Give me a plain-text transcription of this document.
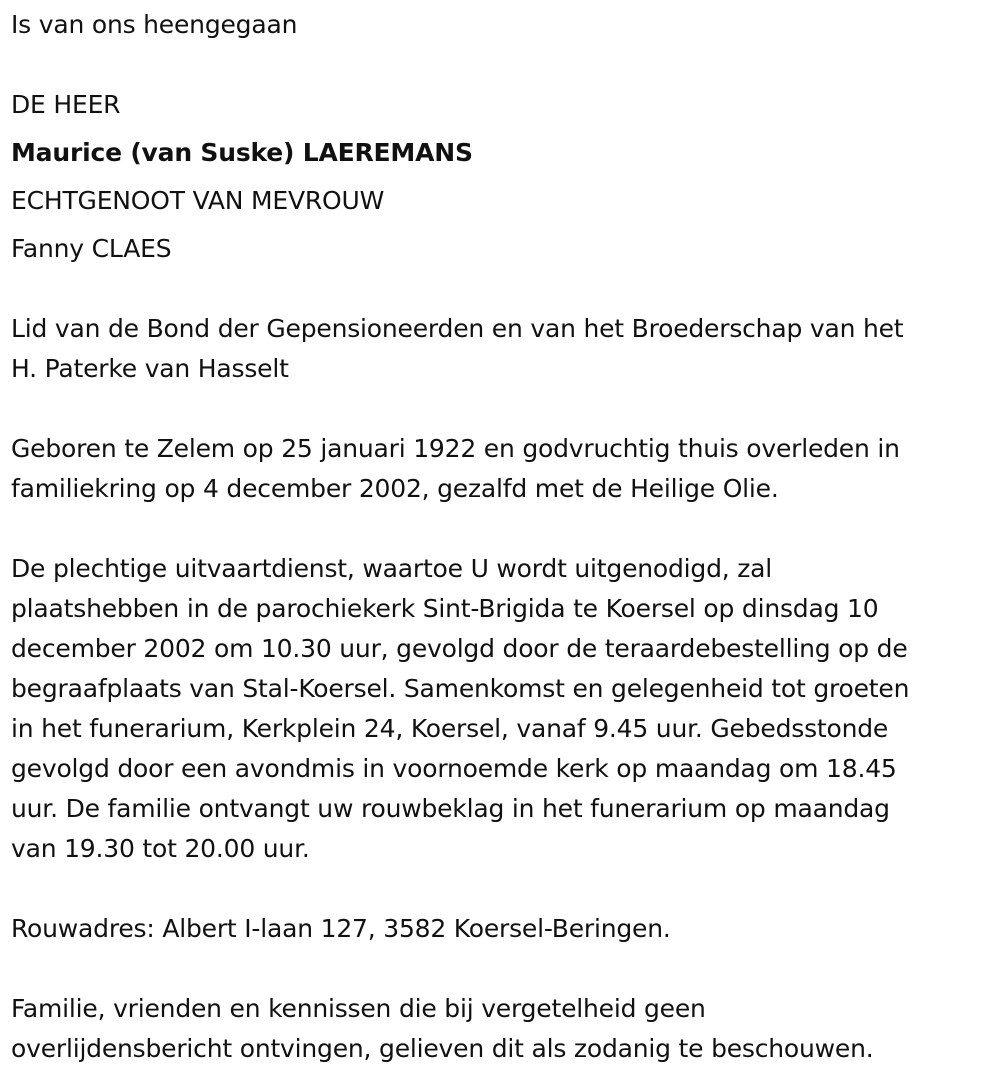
Is van ons heengegaan

DE HEER

Maurice (van Suske) LAEREMANS

ECHTGENOOT VAN MEVROUW

Fanny CLAES

Lid van de Bond der Gepensioneerden en van het Broederschap van het
H. Paterke van Hasselt
Geboren te Zelem op 25 januari 1922 en godvruchtig thuis overleden in
familiekring op 4 december 2002, gezalfd met de Heilige Olie.
De plechtige uitvaartdienst, waartoe U wordt uitgenodigd, zal
plaatshebben in de parochiekerk Sint-Brigida te Koersel op dinsdag 10
december 2002 om 10.30 uur, gevolgd door de teraardebestelling op de
begraafplaats van Stal-Koersel. Samenkomst en gelegenheid tot groeten
in het funerarium, Kerkplein 24, Koersel, vanaf 9.45 uur. Gebedsstonde
gevolgd door een avondmis in voornoemde kerk op maandag om 18.45
uur. De familie ontvangt uw rouwbeklag in het funerarium op maandag
van 19.30 tot 20.00 uur.

Rouwadres: Albert I-laan 127, 3582 Koersel-Beringen.

Familie, vrienden en kennissen die bij vergetelheid geen
overlijdensbericht ontvingen, gelieven dit als zodanig te beschouwen.
